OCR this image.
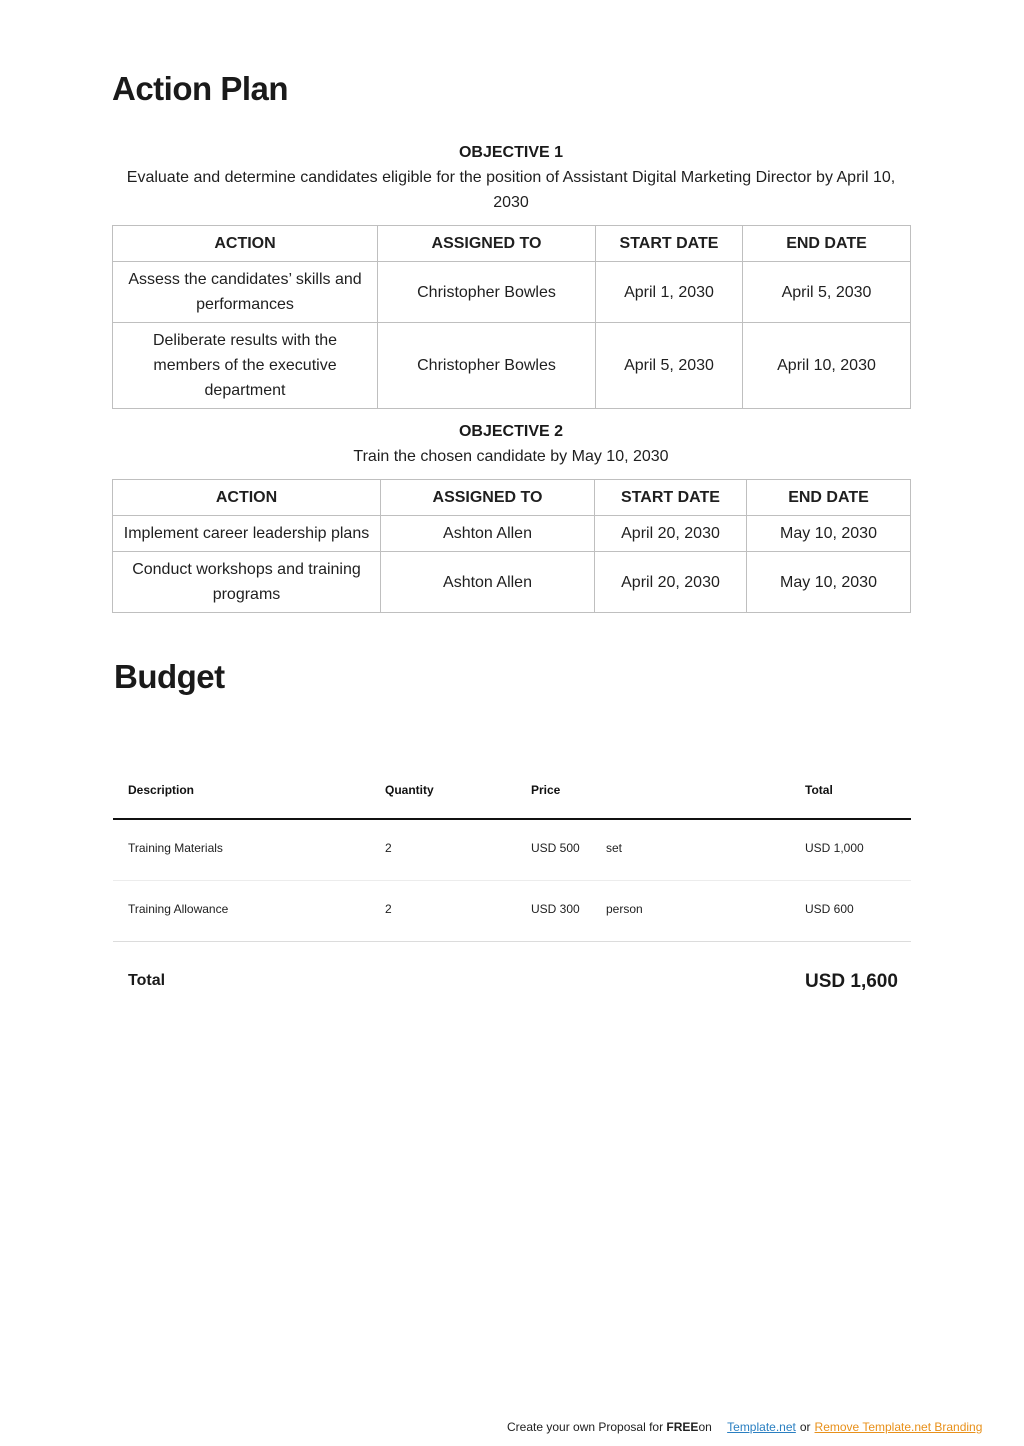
Action Plan
OBJECTIVE 1
Evaluate and determine candidates eligible for the position of Assistant Digital Marketing Director by April 10, 2030
ACTION	ASSIGNED TO	START DATE	END DATE
Assess the candidates’ skills and performances	Christopher Bowles	April 1, 2030	April 5, 2030
Deliberate results with the members of the executive department	Christopher Bowles	April 5, 2030	April 10, 2030
OBJECTIVE 2
Train the chosen candidate by May 10, 2030
ACTION	ASSIGNED TO	START DATE	END DATE
Implement career leadership plans	Ashton Allen	April 20, 2030	May 10, 2030
Conduct workshops and training programs	Ashton Allen	April 20, 2030	May 10, 2030
Budget
Description	Quantity	Price	Total
Training Materials	2	USD 500 set	USD 1,000
Training Allowance	2	USD 300 person	USD 600
Total	USD 1,600
Create your own Proposal for FREEon Template.net or Remove Template.net Branding
